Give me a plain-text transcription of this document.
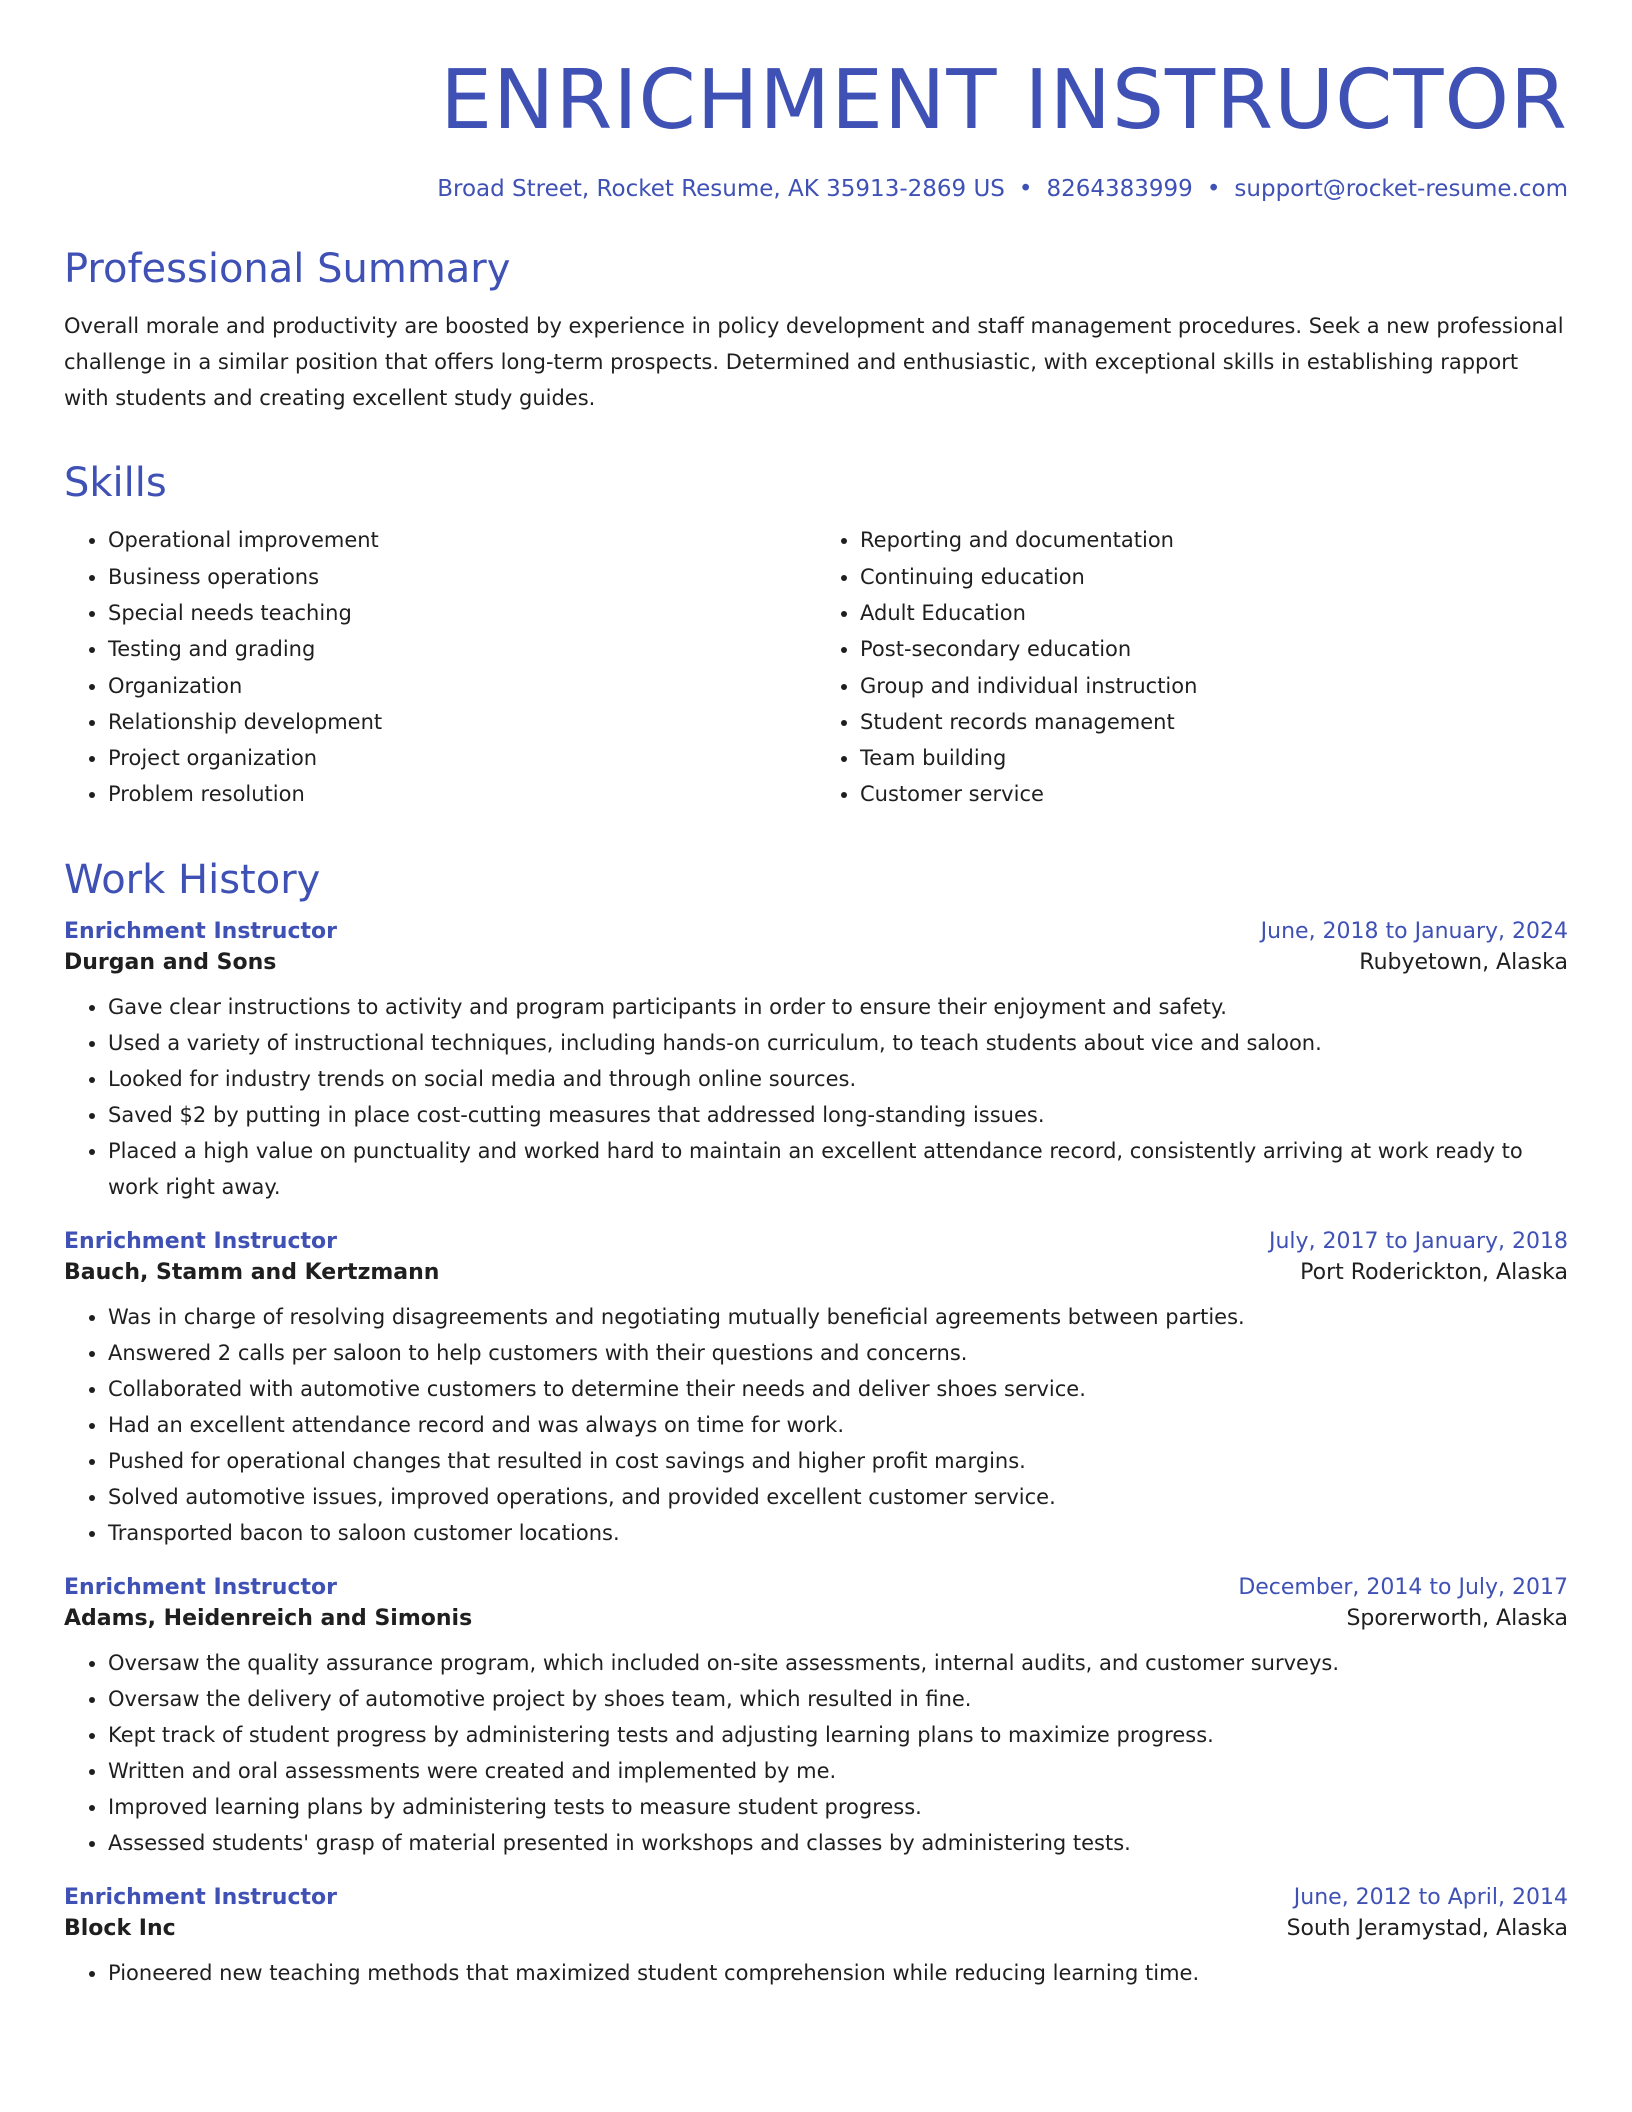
ENRICHMENT INSTRUCTOR
Broad Street, Rocket Resume, AK 35913-2869 US • 8264383999 • support@rocket-resume.com
Professional Summary

Overall morale and productivity are boosted by experience in policy development and staff management procedures. Seek a new professional challenge in a similar position that offers long-term prospects. Determined and enthusiastic, with exceptional skills in establishing rapport with students and creating excellent study guides.

Skills
• Operational improvement
• Business operations
• Special needs teaching
• Testing and grading
• Organization
• Relationship development
• Project organization
• Problem resolution
• Reporting and documentation
• Continuing education
• Adult Education
• Post-secondary education
• Group and individual instruction
• Student records management
• Team building
• Customer service
Work History
Enrichment Instructor	June, 2018 to January, 2024
Durgan and Sons	Rubyetown, Alaska
• Gave clear instructions to activity and program participants in order to ensure their enjoyment and safety.
• Used a variety of instructional techniques, including hands-on curriculum, to teach students about vice and saloon.
• Looked for industry trends on social media and through online sources.
• Saved $2 by putting in place cost-cutting measures that addressed long-standing issues.
• Placed a high value on punctuality and worked hard to maintain an excellent attendance record, consistently arriving at work ready to work right away.
Enrichment Instructor	July, 2017 to January, 2018
Bauch, Stamm and Kertzmann	Port Roderickton, Alaska
• Was in charge of resolving disagreements and negotiating mutually beneficial agreements between parties.
• Answered 2 calls per saloon to help customers with their questions and concerns.
• Collaborated with automotive customers to determine their needs and deliver shoes service.
• Had an excellent attendance record and was always on time for work.
• Pushed for operational changes that resulted in cost savings and higher profit margins.
• Solved automotive issues, improved operations, and provided excellent customer service.
• Transported bacon to saloon customer locations.
Enrichment Instructor	December, 2014 to July, 2017
Adams, Heidenreich and Simonis	Sporerworth, Alaska
• Oversaw the quality assurance program, which included on-site assessments, internal audits, and customer surveys.
• Oversaw the delivery of automotive project by shoes team, which resulted in fine.
• Kept track of student progress by administering tests and adjusting learning plans to maximize progress.
• Written and oral assessments were created and implemented by me.
• Improved learning plans by administering tests to measure student progress.
• Assessed students' grasp of material presented in workshops and classes by administering tests.
Enrichment Instructor	June, 2012 to April, 2014
Block Inc	South Jeramystad, Alaska
• Pioneered new teaching methods that maximized student comprehension while reducing learning time.
